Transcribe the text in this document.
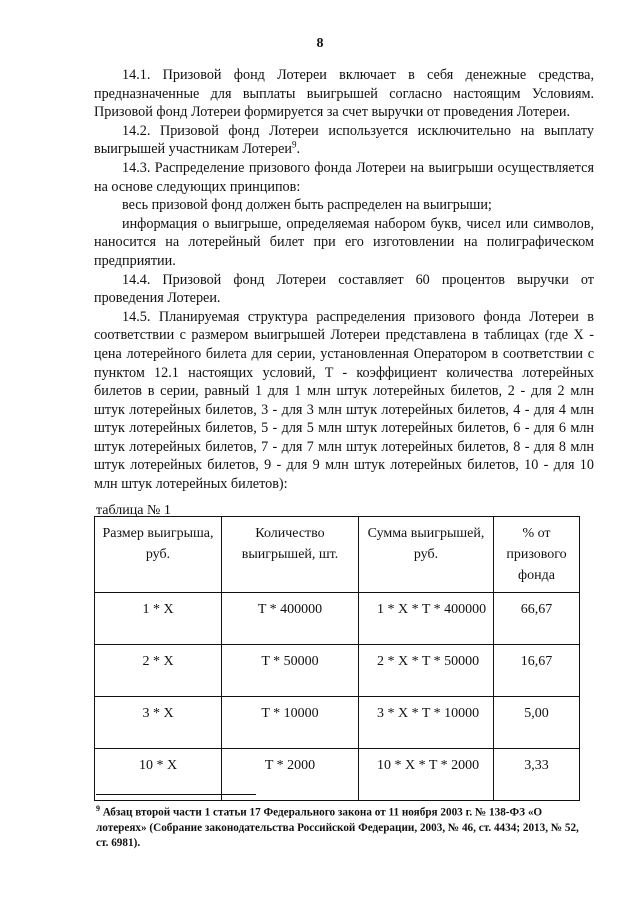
8

14.1. Призовой фонд Лотереи включает в себя денежные средства, предназначенные для выплаты выигрышей согласно настоящим Условиям. Призовой фонд Лотереи формируется за счет выручки от проведения Лотереи.

14.2. Призовой фонд Лотереи используется исключительно на выплату выигрышей участникам Лотереи$^9$.

14.3. Распределение призового фонда Лотереи на выигрыши осуществляется на основе следующих принципов:

весь призовой фонд должен быть распределен на выигрыши;

информация о выигрыше, определяемая набором букв, чисел или символов, наносится на лотерейный билет при его изготовлении на полиграфическом предприятии.

14.4. Призовой фонд Лотереи составляет 60 процентов выручки от проведения Лотереи.

14.5. Планируемая структура распределения призового фонда Лотереи в соответствии с размером выигрышей Лотереи представлена в таблицах (где X - цена лотерейного билета для серии, установленная Оператором в соответствии с пунктом 12.1 настоящих условий, T - коэффициент количества лотерейных билетов в серии, равный 1 для 1 млн штук лотерейных билетов, 2 - для 2 млн штук лотерейных билетов, 3 - для 3 млн штук лотерейных билетов, 4 - для 4 млн штук лотерейных билетов, 5 - для 5 млн штук лотерейных билетов, 6 - для 6 млн штук лотерейных билетов, 7 - для 7 млн штук лотерейных билетов, 8 - для 8 млн штук лотерейных билетов, 9 - для 9 млн штук лотерейных билетов, 10 - для 10 млн штук лотерейных билетов):

таблица № 1
Размер выигрыша, руб.	Количество выигрышей, шт.	Сумма выигрышей, руб.	% от призового фонда
1 * X	T * 400000	1 * X * T * 400000	66,67
2 * X	T * 50000	2 * X * T * 50000	16,67
3 * X	T * 10000	3 * X * T * 10000	5,00
10 * X	T * 2000	10 * X * T * 2000	3,33
$^9$ Абзац второй части 1 статьи 17 Федерального закона от 11 ноября 2003 г. № 138-ФЗ «О лотереях» (Собрание законодательства Российской Федерации, 2003, № 46, ст. 4434; 2013, № 52, ст. 6981).
